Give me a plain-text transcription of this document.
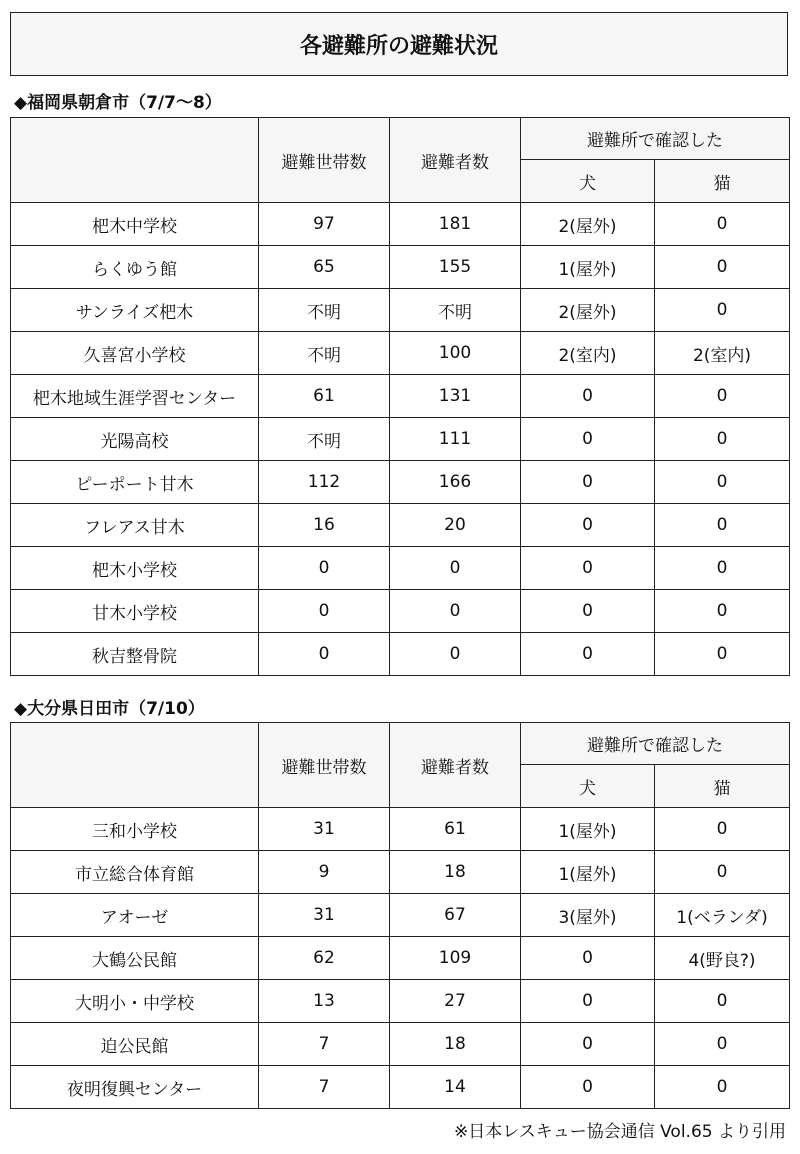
各避難所の避難状況
◆福岡県朝倉市（7/7〜8）
	避難世帯数	避難者数	避難所で確認した	
			犬	猫
杷木中学校	97	181	2(屋外)	0
らくゆう館	65	155	1(屋外)	0
サンライズ杷木	不明	不明	2(屋外)	0
久喜宮小学校	不明	100	2(室内)	2(室内)
杷木地域生涯学習センター	61	131	0	0
光陽高校	不明	111	0	0
ピーポート甘木	112	166	0	0
フレアス甘木	16	20	0	0
杷木小学校	0	0	0	0
甘木小学校	0	0	0	0
秋吉整骨院	0	0	0	0
◆大分県日田市（7/10）
	避難世帯数	避難者数	避難所で確認した	
			犬	猫
三和小学校	31	61	1(屋外)	0
市立総合体育館	9	18	1(屋外)	0
アオーゼ	31	67	3(屋外)	1(ベランダ)
大鶴公民館	62	109	0	4(野良?)
大明小・中学校	13	27	0	0
迫公民館	7	18	0	0
夜明復興センター	7	14	0	0
※日本レスキュー協会通信 Vol.65 より引用
